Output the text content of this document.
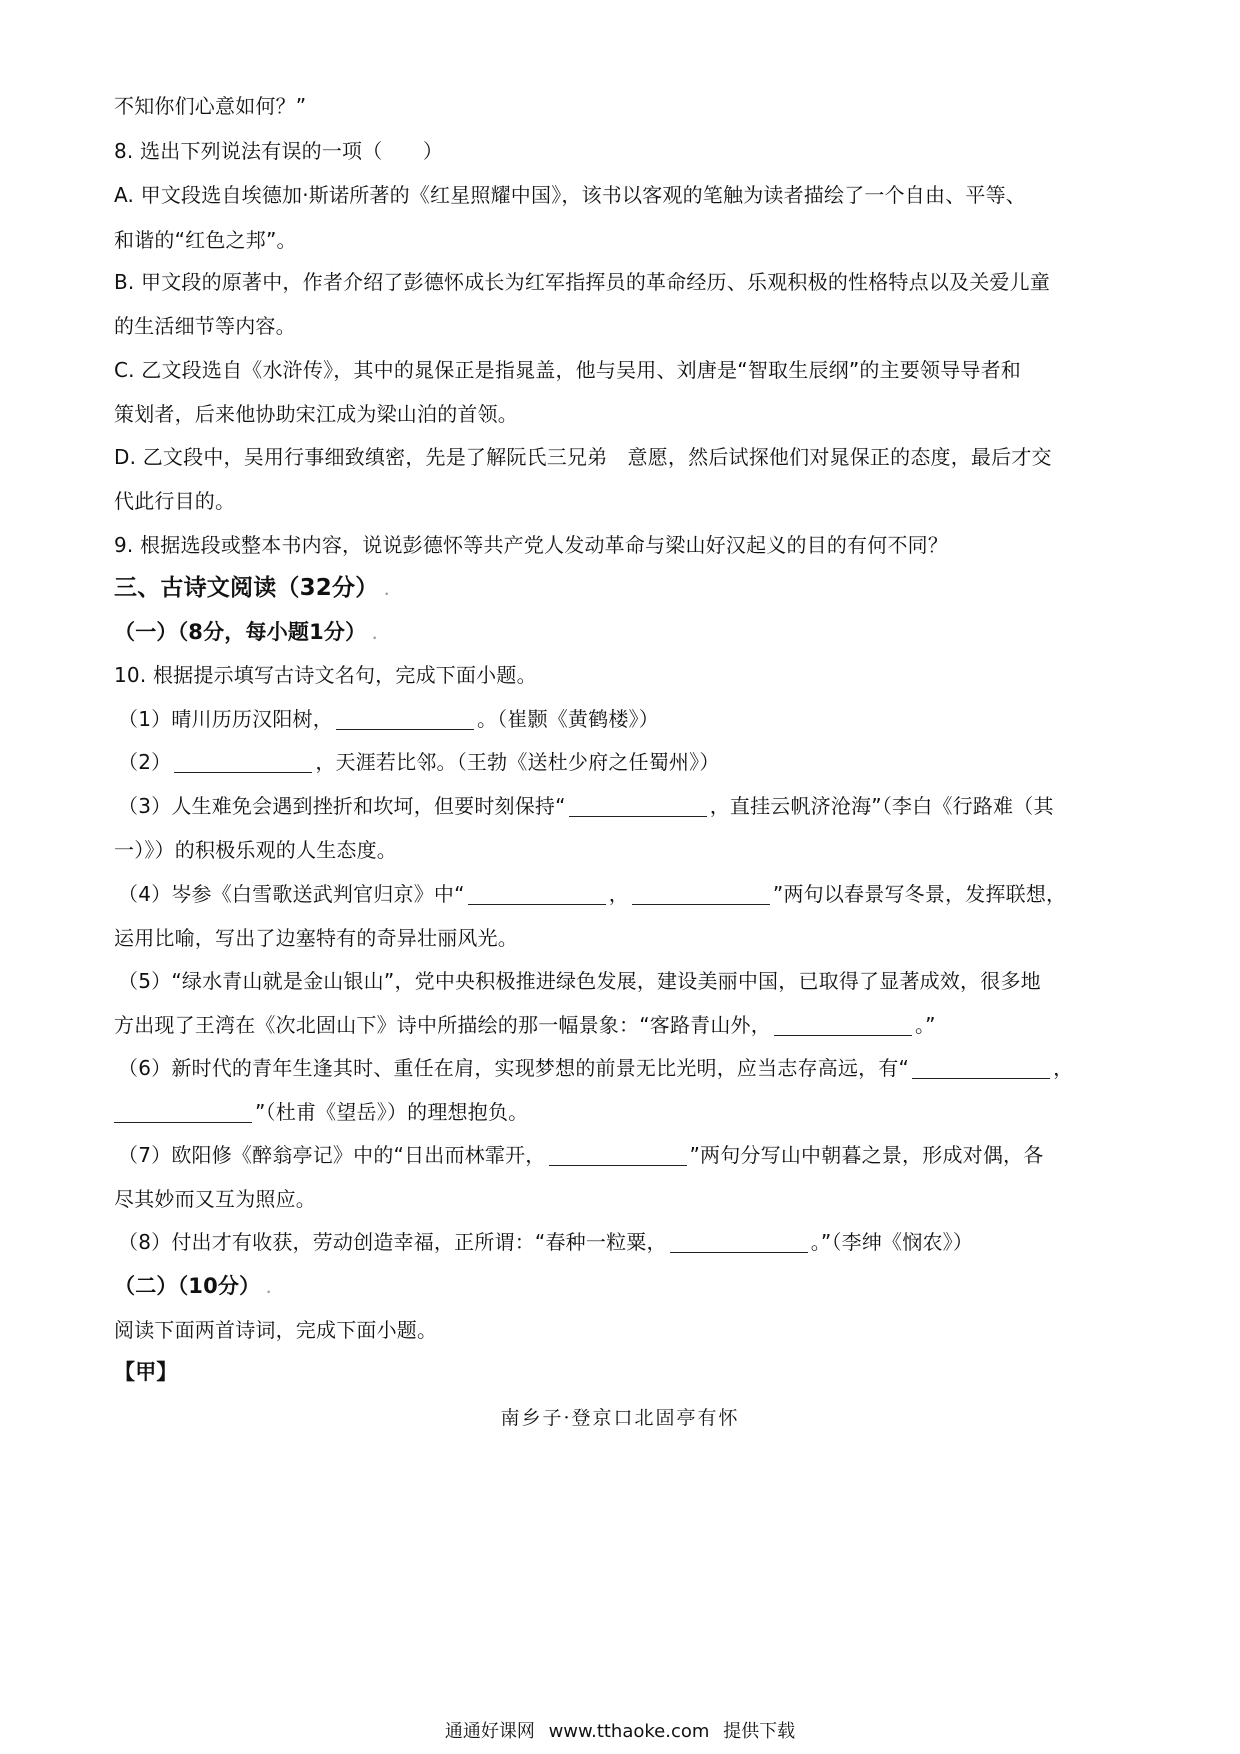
不知你们心意如何？”
8. 选出下列说法有误的一项（　　）
A. 甲文段选自埃德加·斯诺所著的《红星照耀中国》，该书以客观的笔触为读者描绘了一个自由、平等、
和谐的“红色之邦”。
B. 甲文段的原著中，作者介绍了彭德怀成长为红军指挥员的革命经历、乐观积极的性格特点以及关爱儿童
的生活细节等内容。
C. 乙文段选自《水浒传》，其中的晁保正是指晁盖，他与吴用、刘唐是“智取生辰纲”的主要领导导者和
策划者，后来他协助宋江成为梁山泊的首领。
D. 乙文段中，吴用行事细致缜密，先是了解阮氏三兄弟　意愿，然后试探他们对晁保正的态度，最后才交
代此行目的。
9. 根据选段或整本书内容，说说彭德怀等共产党人发动革命与梁山好汉起义的目的有何不同？
三、古诗文阅读（32分） .
（一）（8分，每小题1分） .
10. 根据提示填写古诗文名句，完成下面小题。
（1）晴川历历汉阳树，	。（崔颢《黄鹤楼》）
（2）	，天涯若比邻。（王勃《送杜少府之任蜀州》）
（3）人生难免会遇到挫折和坎坷，但要时刻保持“	，直挂云帆济沧海”（李白《行路难（其
一）》）的积极乐观的人生态度。
（4）岑参《白雪歌送武判官归京》中“	，	”两句以春景写冬景，发挥联想，
运用比喻，写出了边塞特有的奇异壮丽风光。
（5）“绿水青山就是金山银山”，党中央积极推进绿色发展，建设美丽中国，已取得了显著成效，很多地
方出现了王湾在《次北固山下》诗中所描绘的那一幅景象：“客路青山外，	。”
（6）新时代的青年生逢其时、重任在肩，实现梦想的前景无比光明，应当志存高远，有“	，
”（杜甫《望岳》）的理想抱负。
（7）欧阳修《醉翁亭记》中的“日出而林霏开，	”两句分写山中朝暮之景，形成对偶，各
尽其妙而又互为照应。
（8）付出才有收获，劳动创造幸福，正所谓：“春种一粒粟，	。”（李绅《悯农》）
（二）（10分） .
阅读下面两首诗词，完成下面小题。
【甲】
南乡子·登京口北固亭有怀
通通好课网 www.tthaoke.com 提供下载
